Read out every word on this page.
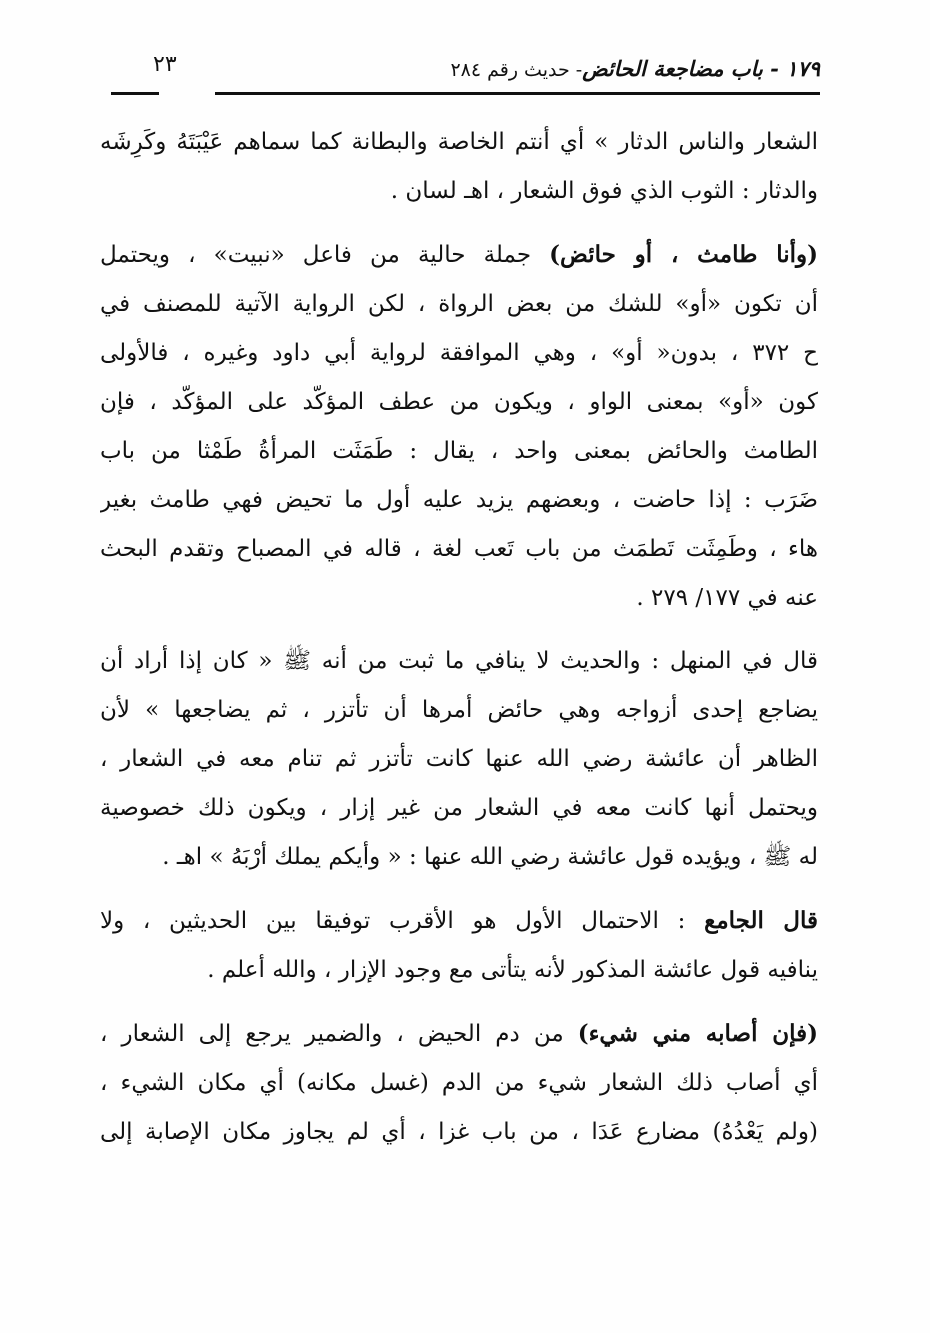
١٧٩ - باب مضاجعة الحائض- حديث رقم ٢٨٤
٢٣

الشعار والناس الدثار » أي أنتم الخاصة والبطانة كما سماهم عَيْبَتَهُ وكَرِشَه
والدثار : الثوب الذي فوق الشعار ، اهـ لسان .

(وأنا طامث ، أو حائض) جملة حالية من فاعل «نبيت» ، ويحتمل
أن تكون «أو» للشك من بعض الرواة ، لكن الرواية الآتية للمصنف في
ح ٣٧٢ ، بدون« أو» ، وهي الموافقة لرواية أبي داود وغيره ، فالأولى
كون «أو» بمعنى الواو ، ويكون من عطف المؤكّد على المؤكّد ، فإن
الطامث والحائض بمعنى واحد ، يقال : طَمَثَت المرأةُ طَمْثا من باب
ضَرَب : إذا حاضت ، وبعضهم يزيد عليه أول ما تحيض فهي طامث بغير
هاء ، وطَمِثَت تَطمَث من باب تَعب لغة ، قاله في المصباح وتقدم البحث
عنه في ١٧٧/ ٢٧٩ .

قال في المنهل : والحديث لا ينافي ما ثبت من أنه ﷺ « كان إذا أراد أن
يضاجع إحدى أزواجه وهي حائض أمرها أن تأتزر ، ثم يضاجعها » لأن
الظاهر أن عائشة رضي الله عنها كانت تأتزر ثم تنام معه في الشعار ،
ويحتمل أنها كانت معه في الشعار من غير إزار ، ويكون ذلك خصوصية
له ﷺ ، ويؤيده قول عائشة رضي الله عنها : « وأيكم يملك أرْبَهُ » اهـ .

قال الجامع : الاحتمال الأول هو الأقرب توفيقا بين الحديثين ، ولا
ينافيه قول عائشة المذكور لأنه يتأتى مع وجود الإزار ، والله أعلم .

(فإن أصابه مني شيء) من دم الحيض ، والضمير يرجع إلى الشعار ،
أي أصاب ذلك الشعار شيء من الدم (غسل مكانه) أي مكان الشيء ،
(ولم يَعْدُهُ) مضارع عَدَا ، من باب غزا ، أي لم يجاوز مكان الإصابة إلى
